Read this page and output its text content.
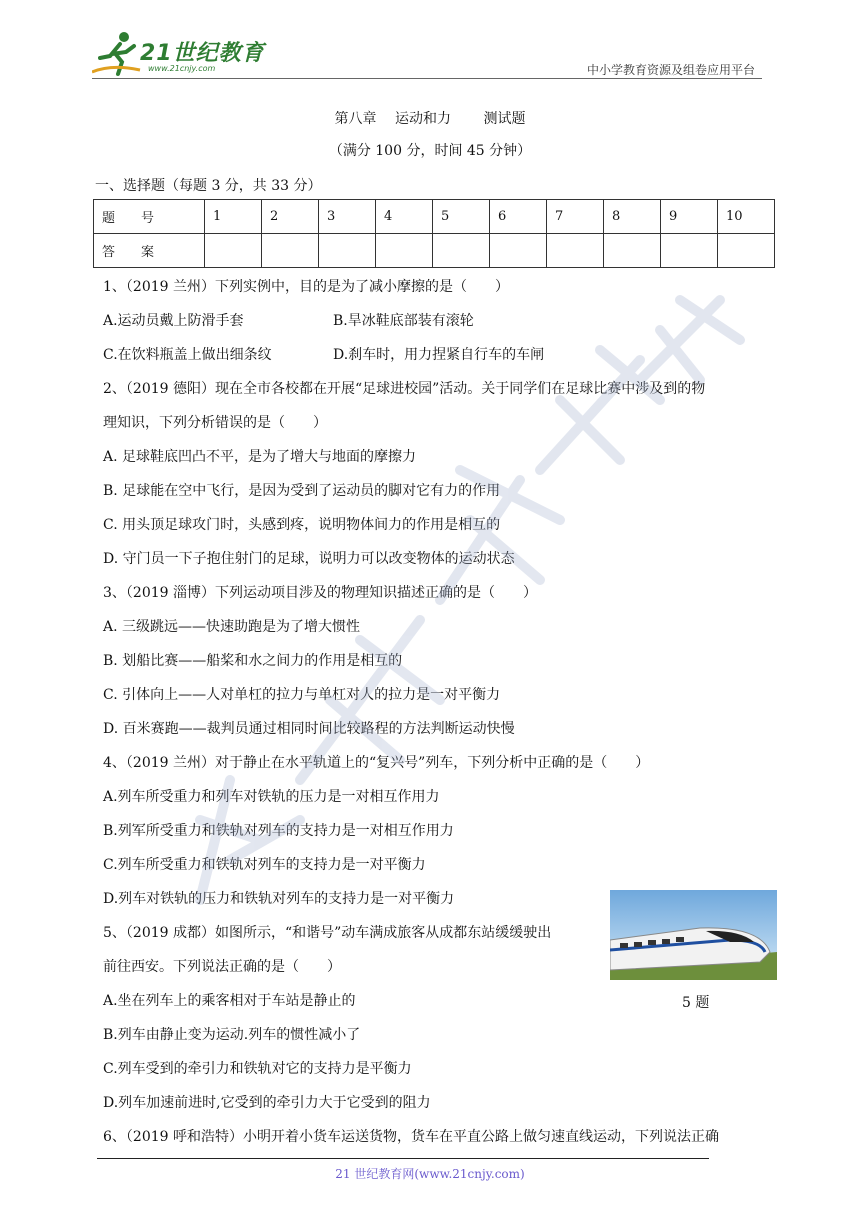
21世纪教育
www.21cnjy.com	中小学教育资源及组卷应用平台
第八章　 运动和力　　 测试题
（满分 100 分，时间 45 分钟）
一、选择题（每题 3 分，共 33 分）
题　　号	1	2	3	4	5	6	7	8	9	10
答　　案										
1、（2019 兰州）下列实例中，目的是为了减小摩擦的是（　　）
A.运动员戴上防滑手套	B.旱冰鞋底部装有滚轮
C.在饮料瓶盖上做出细条纹	D.刹车时，用力捏紧自行车的车闸
2、（2019 德阳）现在全市各校都在开展“足球进校园”活动。关于同学们在足球比赛中涉及到的物
理知识，下列分析错误的是（　　）
A. 足球鞋底凹凸不平，是为了增大与地面的摩擦力
B. 足球能在空中飞行，是因为受到了运动员的脚对它有力的作用
C. 用头顶足球攻门时，头感到疼，说明物体间力的作用是相互的
D. 守门员一下子抱住射门的足球，说明力可以改变物体的运动状态
3、（2019 淄博）下列运动项目涉及的物理知识描述正确的是（　　）
A. 三级跳远——快速助跑是为了增大惯性
B. 划船比赛——船桨和水之间力的作用是相互的
C. 引体向上——人对单杠的拉力与单杠对人的拉力是一对平衡力
D. 百米赛跑——裁判员通过相同时间比较路程的方法判断运动快慢
4、（2019 兰州）对于静止在水平轨道上的“复兴号”列车，下列分析中正确的是（　　）
A.列车所受重力和列车对铁轨的压力是一对相互作用力
B.列军所受重力和铁轨对列车的支持力是一对相互作用力
C.列车所受重力和铁轨对列车的支持力是一对平衡力
D.列车对铁轨的压力和铁轨对列车的支持力是一对平衡力
5、（2019 成都）如图所示，“和谐号”动车满成旅客从成都东站缓缓驶出
前往西安。下列说法正确的是（　　）
A.坐在列车上的乘客相对于车站是静止的
B.列车由静止变为运动.列车的惯性减小了
C.列车受到的牵引力和铁轨对它的支持力是平衡力
D.列车加速前进时,它受到的牵引力大于它受到的阻力
5 题
6、（2019 呼和浩特）小明开着小货车运送货物，货车在平直公路上做匀速直线运动，下列说法正确
21 世纪教育网(www.21cnjy.com)
